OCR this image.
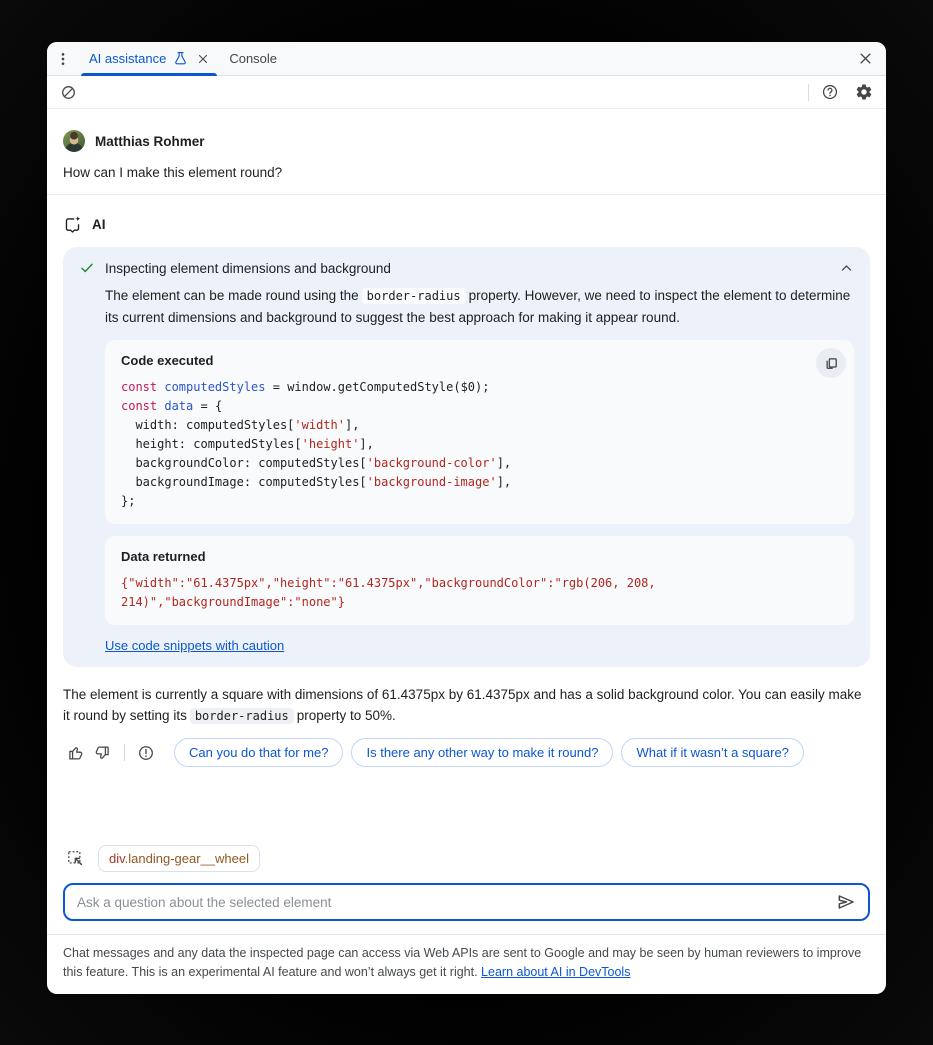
AI assistance	Console
Matthias Rohmer
How can I make this element round?
AI
Inspecting element dimensions and background

The element can be made round using the border-radius property. However, we need to inspect the element to determine its current dimensions and background to suggest the best approach for making it appear round.

Code executed
const computedStyles = window.getComputedStyle($0);
const data = {
width: computedStyles['width'],
height: computedStyles['height'],
backgroundColor: computedStyles['background-color'],
backgroundImage: computedStyles['background-image'],
};
Data returned
{"width":"61.4375px","height":"61.4375px","backgroundColor":"rgb(206, 208, 214)","backgroundImage":"none"}
Use code snippets with caution

The element is currently a square with dimensions of 61.4375px by 61.4375px and has a solid background color. You can easily make it round by setting its border-radius property to 50%.

Can you do that for me?	Is there any other way to make it round?	What if it wasn’t a square?
div.landing-gear__wheel
Ask a question about the selected element
Chat messages and any data the inspected page can access via Web APIs are sent to Google and may be seen by human reviewers to improve this feature. This is an experimental AI feature and won’t always get it right. Learn about AI in DevTools
